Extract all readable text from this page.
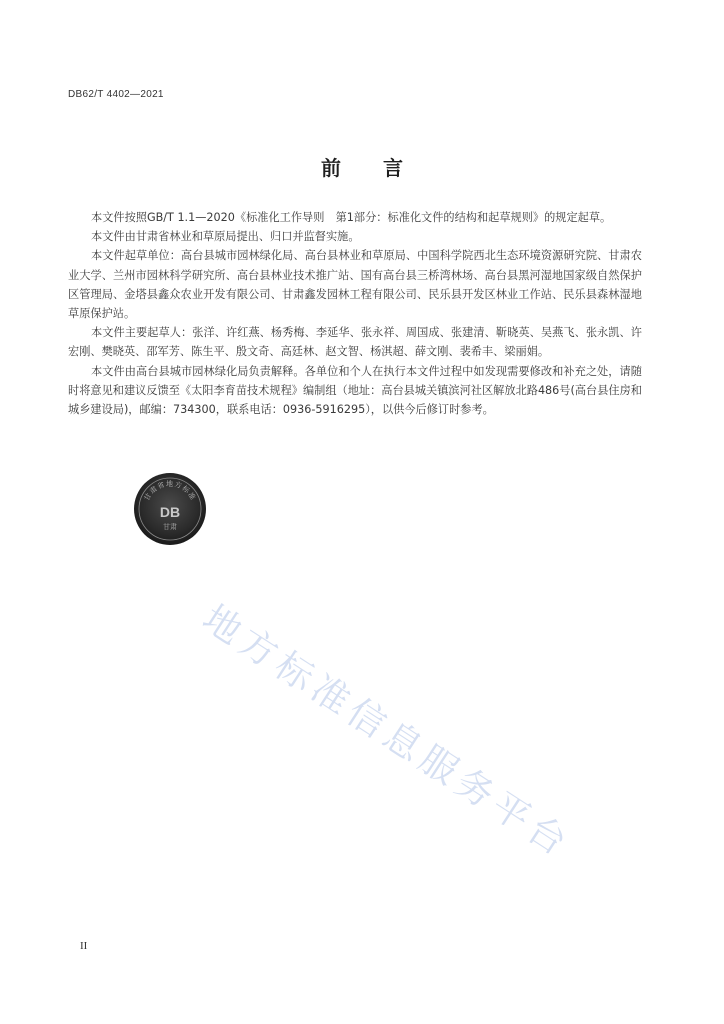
DB62/T 4402—2021
前言

本文件按照GB/T 1.1—2020《标准化工作导则　第1部分：标准化文件的结构和起草规则》的规定起草。

本文件由甘肃省林业和草原局提出、归口并监督实施。

本文件起草单位：高台县城市园林绿化局、高台县林业和草原局、中国科学院西北生态环境资源研究院、甘肃农业大学、兰州市园林科学研究所、高台县林业技术推广站、国有高台县三桥湾林场、高台县黑河湿地国家级自然保护区管理局、金塔县鑫众农业开发有限公司、甘肃鑫发园林工程有限公司、民乐县开发区林业工作站、民乐县森林湿地草原保护站。

本文件主要起草人：张洋、许红燕、杨秀梅、李延华、张永祥、周国成、张建清、靳晓英、吴燕飞、张永凯、许宏刚、樊晓英、邵军芳、陈生平、殷文奇、高廷林、赵文智、杨淇超、薛文刚、裴希丰、梁丽娟。

本文件由高台县城市园林绿化局负责解释。各单位和个人在执行本文件过程中如发现需要修改和补充之处，请随时将意见和建议反馈至《太阳李育苗技术规程》编制组（地址：高台县城关镇滨河社区解放北路486号(高台县住房和城乡建设局)，邮编：734300，联系电话：0936-5916295），以供今后修订时参考。

甘肃省地方标准
DB
甘肃
地方标准信息服务平台
II
